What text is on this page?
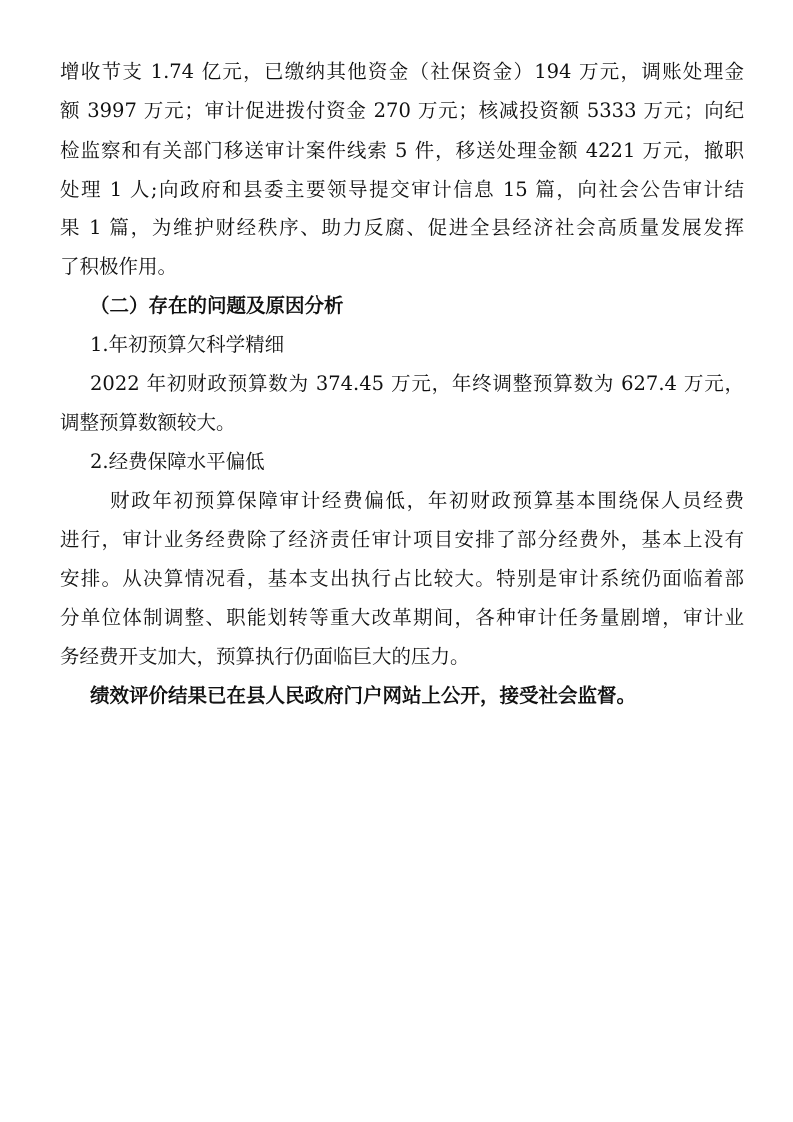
增收节支 1.74 亿元，已缴纳其他资金（社保资金）194 万元，调账处理金
额 3997 万元；审计促进拨付资金 270 万元；核减投资额 5333 万元；向纪
检监察和有关部门移送审计案件线索 5 件，移送处理金额 4221 万元，撤职
处理 1 人;向政府和县委主要领导提交审计信息 15 篇，向社会公告审计结
果 1 篇，为维护财经秩序、助力反腐、促进全县经济社会高质量发展发挥
了积极作用。
（二）存在的问题及原因分析
1.年初预算欠科学精细
2022 年初财政预算数为 374.45 万元，年终调整预算数为 627.4 万元，
调整预算数额较大。
2.经费保障水平偏低
财政年初预算保障审计经费偏低，年初财政预算基本围绕保人员经费
进行，审计业务经费除了经济责任审计项目安排了部分经费外，基本上没有
安排。从决算情况看，基本支出执行占比较大。特别是审计系统仍面临着部
分单位体制调整、职能划转等重大改革期间，各种审计任务量剧增，审计业
务经费开支加大，预算执行仍面临巨大的压力。
绩效评价结果已在县人民政府门户网站上公开，接受社会监督。
